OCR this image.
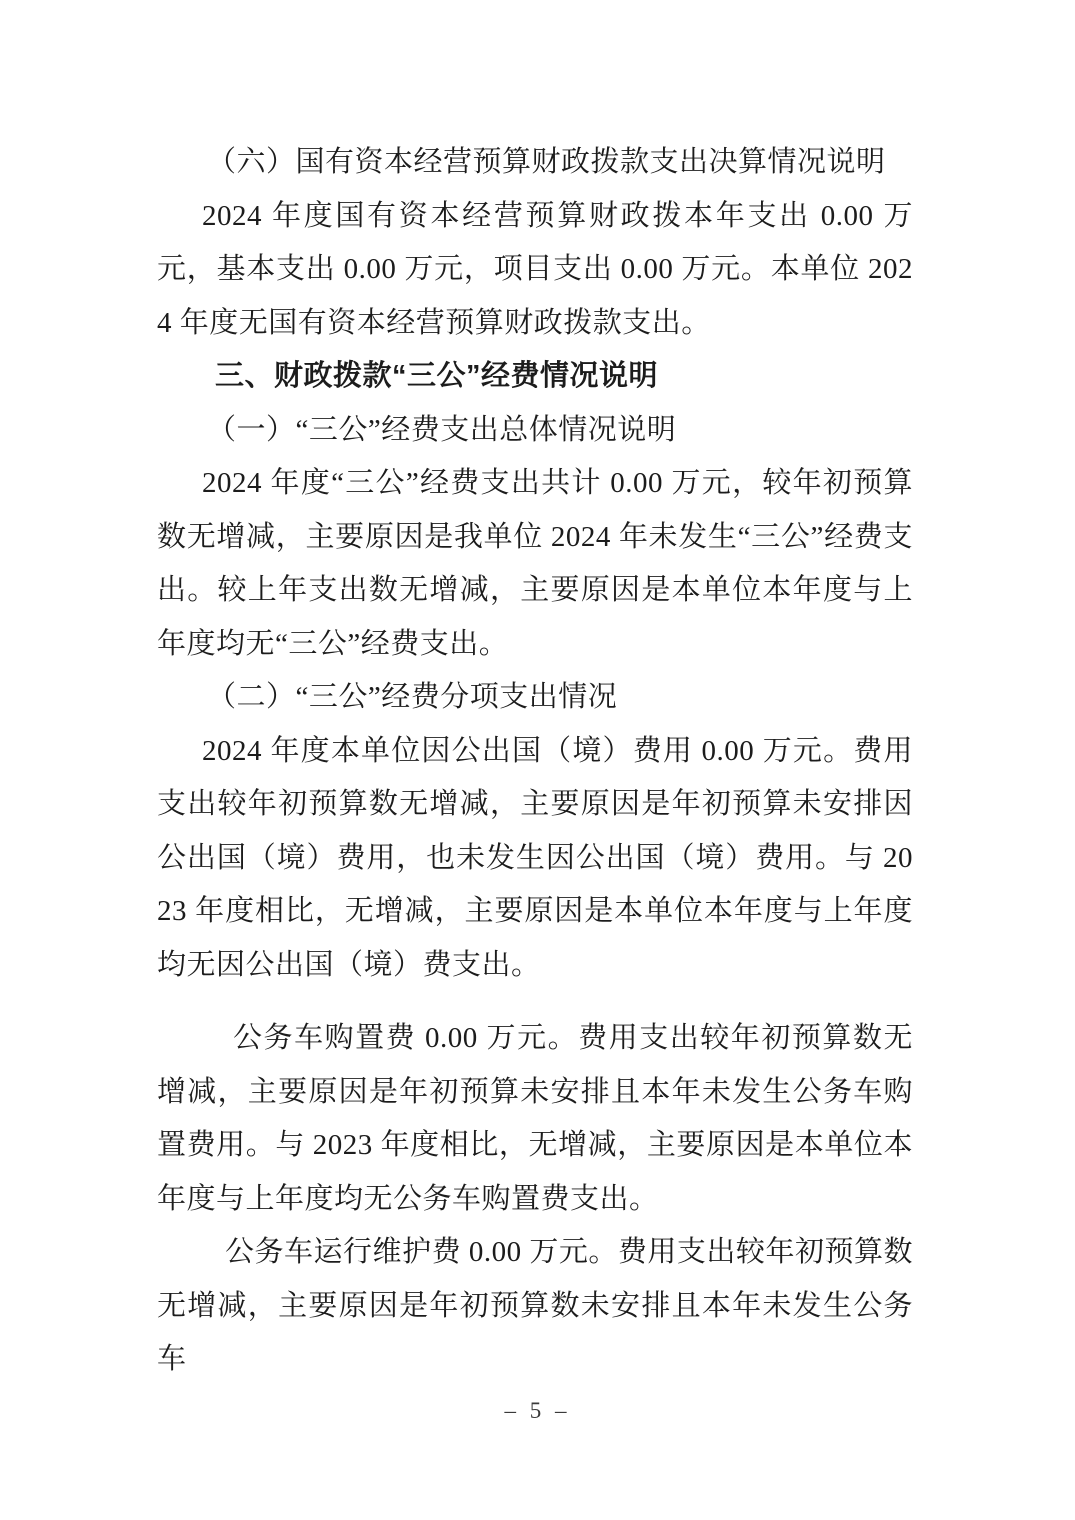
（六）国有资本经营预算财政拨款支出决算情况说明

2024 年度国有资本经营预算财政拨本年支出 0.00 万元，基本支出 0.00 万元，项目支出 0.00 万元。本单位 2024 年度无国有资本经营预算财政拨款支出。

三、财政拨款“三公”经费情况说明

（一）“三公”经费支出总体情况说明

2024 年度“三公”经费支出共计 0.00 万元，较年初预算数无增减，主要原因是我单位 2024 年未发生“三公”经费支出。较上年支出数无增减，主要原因是本单位本年度与上年度均无“三公”经费支出。

（二）“三公”经费分项支出情况

2024 年度本单位因公出国（境）费用 0.00 万元。费用支出较年初预算数无增减，主要原因是年初预算未安排因公出国（境）费用，也未发生因公出国（境）费用。与 2023 年度相比，无增减，主要原因是本单位本年度与上年度均无因公出国（境）费支出。

公务车购置费 0.00 万元。费用支出较年初预算数无增减，主要原因是年初预算未安排且本年未发生公务车购置费用。与 2023 年度相比，无增减，主要原因是本单位本年度与上年度均无公务车购置费支出。

公务车运行维护费 0.00 万元。费用支出较年初预算数无增减，主要原因是年初预算数未安排且本年未发生公务车

– 5 –
